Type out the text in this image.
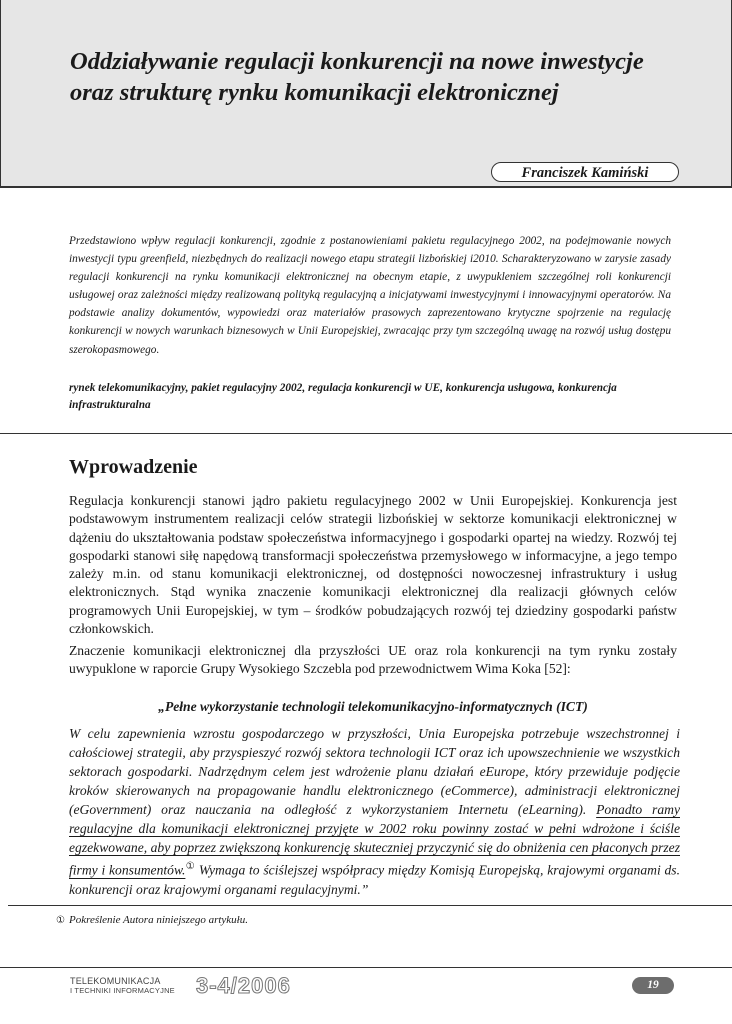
Oddziaływanie regulacji konkurencji na nowe inwestycje oraz strukturę rynku komunikacji elektronicznej
Franciszek Kamiński

Przedstawiono wpływ regulacji konkurencji, zgodnie z postanowieniami pakietu regulacyjnego 2002, na podejmowanie nowych inwestycji typu greenfield, niezbędnych do realizacji nowego etapu strategii lizbońskiej i2010. Scharakteryzowano w zarysie zasady regulacji konkurencji na rynku komunikacji elektronicznej na obecnym etapie, z uwypukleniem szczególnej roli konkurencji usługowej oraz zależności między realizowaną polityką regulacyjną a inicjatywami inwestycyjnymi i innowacyjnymi operatorów. Na podstawie analizy dokumentów, wypowiedzi oraz materiałów prasowych zaprezentowano krytyczne spojrzenie na regulację konkurencji w nowych warunkach biznesowych w Unii Europejskiej, zwracając przy tym szczególną uwagę na rozwój usług dostępu szerokopasmowego.

rynek telekomunikacyjny, pakiet regulacyjny 2002, regulacja konkurencji w UE, konkurencja usługowa, konkurencja infrastrukturalna

Wprowadzenie

Regulacja konkurencji stanowi jądro pakietu regulacyjnego 2002 w Unii Europejskiej. Konkurencja jest podstawowym instrumentem realizacji celów strategii lizbońskiej w sektorze komunikacji elektronicznej w dążeniu do ukształtowania podstaw społeczeństwa informacyjnego i gospodarki opartej na wiedzy. Rozwój tej gospodarki stanowi siłę napędową transformacji społeczeństwa przemysłowego w informacyjne, a jego tempo zależy m.in. od stanu komunikacji elektronicznej, od dostępności nowoczesnej infrastruktury i usług elektronicznych. Stąd wynika znaczenie komunikacji elektronicznej dla realizacji głównych celów programowych Unii Europejskiej, w tym – środków pobudzających rozwój tej dziedziny gospodarki państw członkowskich.

Znaczenie komunikacji elektronicznej dla przyszłości UE oraz rola konkurencji na tym rynku zostały uwypuklone w raporcie Grupy Wysokiego Szczebla pod przewodnictwem Wima Koka [52]:

„Pełne wykorzystanie technologii telekomunikacyjno-informatycznych (ICT)

W celu zapewnienia wzrostu gospodarczego w przyszłości, Unia Europejska potrzebuje wszechstronnej i całościowej strategii, aby przyspieszyć rozwój sektora technologii ICT oraz ich upowszechnienie we wszystkich sektorach gospodarki. Nadrzędnym celem jest wdrożenie planu działań eEurope, który przewiduje podjęcie kroków skierowanych na propagowanie handlu elektronicznego (eCommerce), administracji elektronicznej (eGovernment) oraz nauczania na odległość z wykorzystaniem Internetu (eLearning). Ponadto ramy regulacyjne dla komunikacji elektronicznej przyjęte w 2002 roku powinny zostać w pełni wdrożone i ściśle egzekwowane, aby poprzez zwiększoną konkurencję skuteczniej przyczynić się do obniżenia cen płaconych przez firmy i konsumentów.① Wymaga to ściślejszej współpracy między Komisją Europejską, krajowymi organami ds. konkurencji oraz krajowymi organami regulacyjnymi.”

① Pokreślenie Autora niniejszego artykułu.

TELEKOMUNIKACJA
I TECHNIKI INFORMACYJNE 3-4/2006	19
